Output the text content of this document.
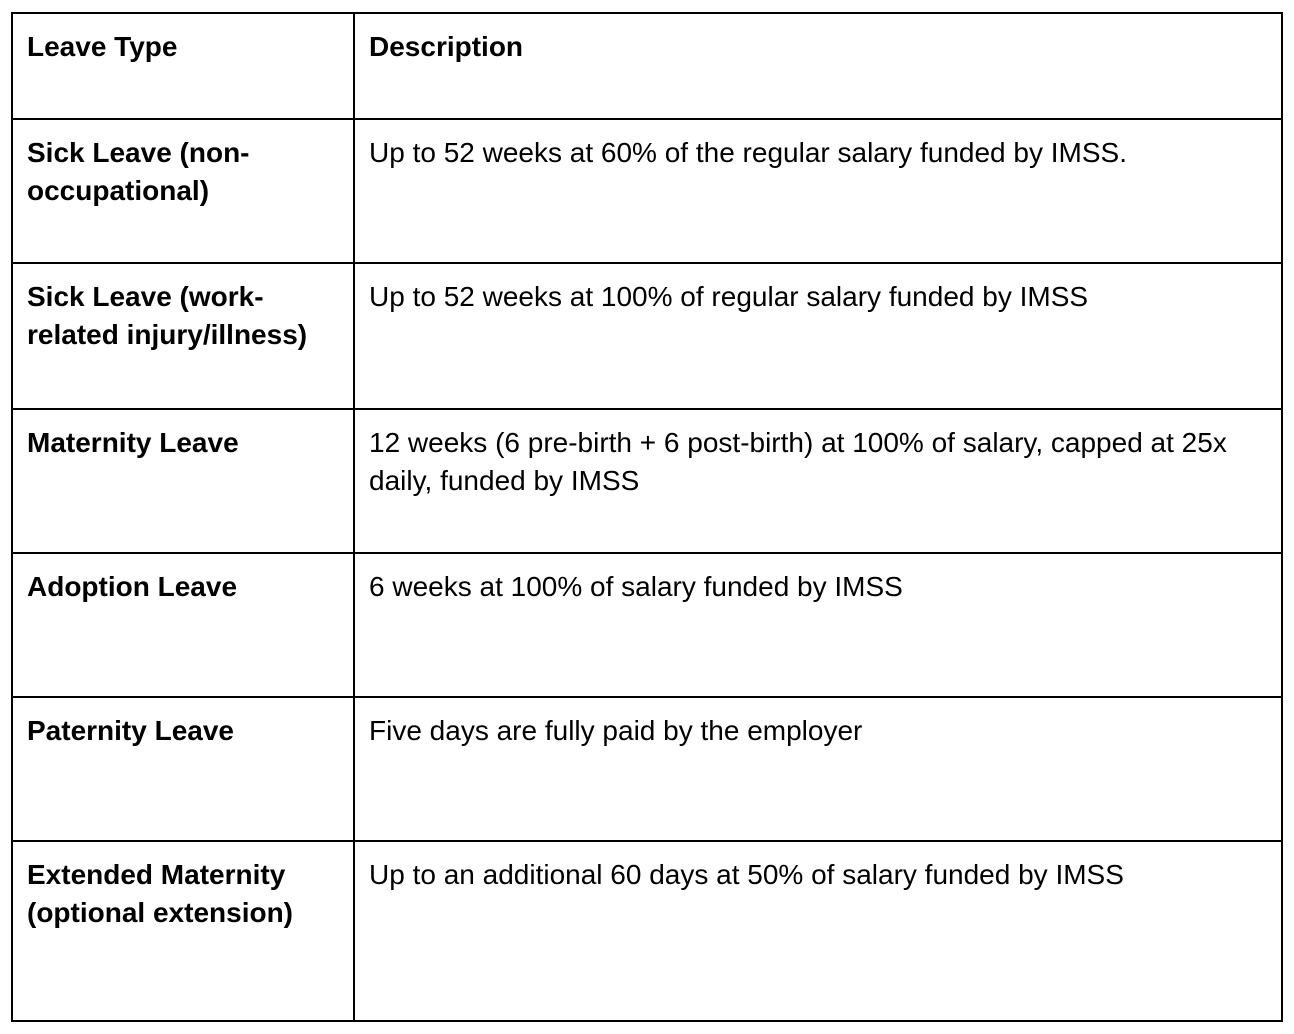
Leave Type	Description
Sick Leave (non-occupational)	Up to 52 weeks at 60% of the regular salary funded by IMSS.
Sick Leave (work-related injury/illness)	Up to 52 weeks at 100% of regular salary funded by IMSS
Maternity Leave	12 weeks (6 pre-birth + 6 post-birth) at 100% of salary, capped at 25x daily, funded by IMSS
Adoption Leave	6 weeks at 100% of salary funded by IMSS
Paternity Leave	Five days are fully paid by the employer
Extended Maternity (optional extension)	Up to an additional 60 days at 50% of salary funded by IMSS
